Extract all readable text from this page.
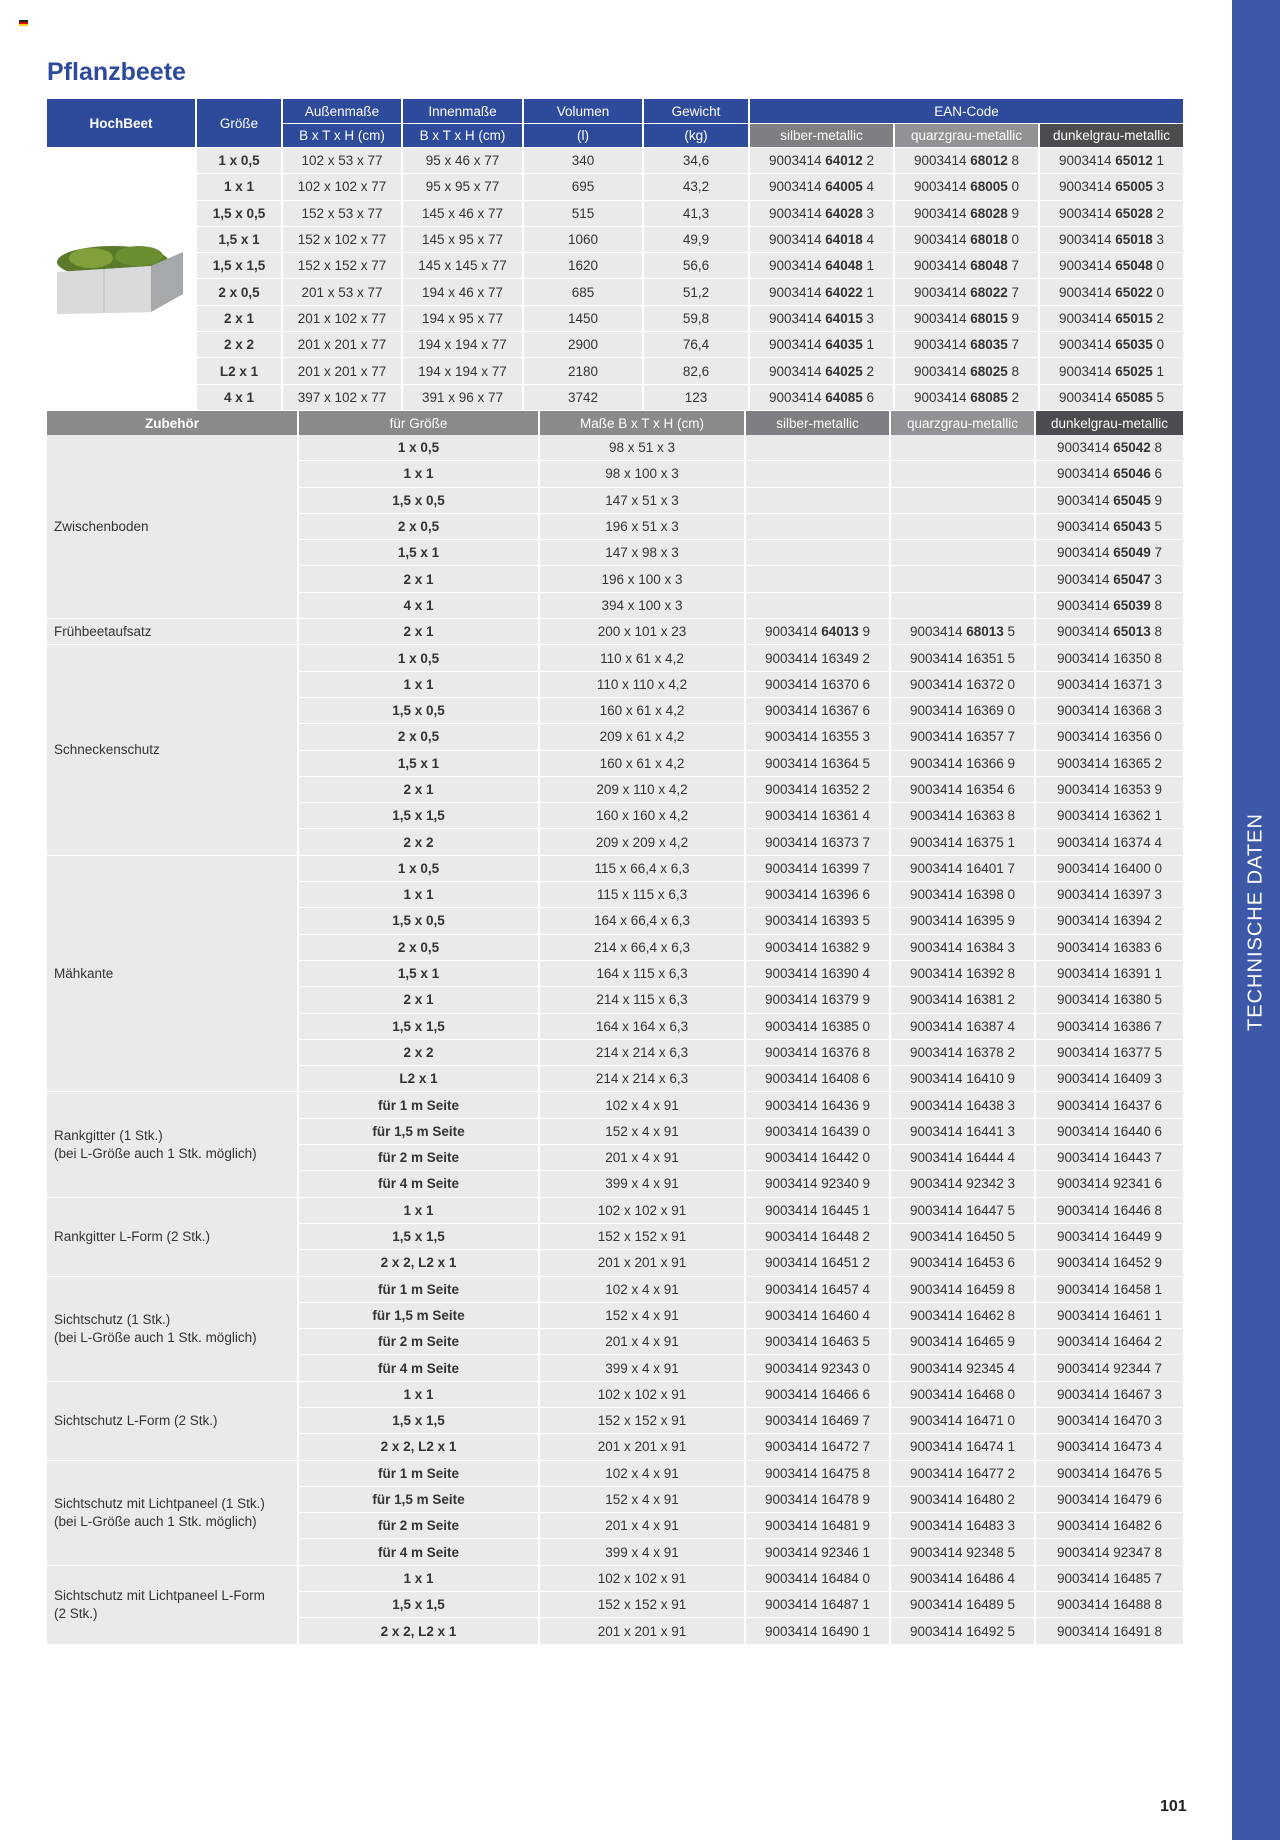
Pflanzbeete
HochBeet	Größe	Außenmaße	Innenmaße	Volumen	Gewicht	EAN-Code		
		B x T x H (cm)	B x T x H (cm)	(l)	(kg)	silber-metallic	quarzgrau-metallic	dunkelgrau-metallic
	1 x 0,5	102 x 53 x 77	95 x 46 x 77	340	34,6	9003414 64012 2	9003414 68012 8	9003414 65012 1
	1 x 1	102 x 102 x 77	95 x 95 x 77	695	43,2	9003414 64005 4	9003414 68005 0	9003414 65005 3
	1,5 x 0,5	152 x 53 x 77	145 x 46 x 77	515	41,3	9003414 64028 3	9003414 68028 9	9003414 65028 2
	1,5 x 1	152 x 102 x 77	145 x 95 x 77	1060	49,9	9003414 64018 4	9003414 68018 0	9003414 65018 3
	1,5 x 1,5	152 x 152 x 77	145 x 145 x 77	1620	56,6	9003414 64048 1	9003414 68048 7	9003414 65048 0
	2 x 0,5	201 x 53 x 77	194 x 46 x 77	685	51,2	9003414 64022 1	9003414 68022 7	9003414 65022 0
	2 x 1	201 x 102 x 77	194 x 95 x 77	1450	59,8	9003414 64015 3	9003414 68015 9	9003414 65015 2
	2 x 2	201 x 201 x 77	194 x 194 x 77	2900	76,4	9003414 64035 1	9003414 68035 7	9003414 65035 0
	L2 x 1	201 x 201 x 77	194 x 194 x 77	2180	82,6	9003414 64025 2	9003414 68025 8	9003414 65025 1
	4 x 1	397 x 102 x 77	391 x 96 x 77	3742	123	9003414 64085 6	9003414 68085 2	9003414 65085 5
Zubehör	für Größe	Maße B x T x H (cm)	silber-metallic	quarzgrau-metallic	dunkelgrau-metallic
Zwischenboden	1 x 0,5	98 x 51 x 3			9003414 65042 8
	1 x 1	98 x 100 x 3			9003414 65046 6
	1,5 x 0,5	147 x 51 x 3			9003414 65045 9
	2 x 0,5	196 x 51 x 3			9003414 65043 5
	1,5 x 1	147 x 98 x 3			9003414 65049 7
	2 x 1	196 x 100 x 3			9003414 65047 3
	4 x 1	394 x 100 x 3			9003414 65039 8
Frühbeetaufsatz	2 x 1	200 x 101 x 23	9003414 64013 9	9003414 68013 5	9003414 65013 8
Schneckenschutz	1 x 0,5	110 x 61 x 4,2	9003414 16349 2	9003414 16351 5	9003414 16350 8
	1 x 1	110 x 110 x 4,2	9003414 16370 6	9003414 16372 0	9003414 16371 3
	1,5 x 0,5	160 x 61 x 4,2	9003414 16367 6	9003414 16369 0	9003414 16368 3
	2 x 0,5	209 x 61 x 4,2	9003414 16355 3	9003414 16357 7	9003414 16356 0
	1,5 x 1	160 x 61 x 4,2	9003414 16364 5	9003414 16366 9	9003414 16365 2
	2 x 1	209 x 110 x 4,2	9003414 16352 2	9003414 16354 6	9003414 16353 9
	1,5 x 1,5	160 x 160 x 4,2	9003414 16361 4	9003414 16363 8	9003414 16362 1
	2 x 2	209 x 209 x 4,2	9003414 16373 7	9003414 16375 1	9003414 16374 4
Mähkante	1 x 0,5	115 x 66,4 x 6,3	9003414 16399 7	9003414 16401 7	9003414 16400 0
	1 x 1	115 x 115 x 6,3	9003414 16396 6	9003414 16398 0	9003414 16397 3
	1,5 x 0,5	164 x 66,4 x 6,3	9003414 16393 5	9003414 16395 9	9003414 16394 2
	2 x 0,5	214 x 66,4 x 6,3	9003414 16382 9	9003414 16384 3	9003414 16383 6
	1,5 x 1	164 x 115 x 6,3	9003414 16390 4	9003414 16392 8	9003414 16391 1
	2 x 1	214 x 115 x 6,3	9003414 16379 9	9003414 16381 2	9003414 16380 5
	1,5 x 1,5	164 x 164 x 6,3	9003414 16385 0	9003414 16387 4	9003414 16386 7
	2 x 2	214 x 214 x 6,3	9003414 16376 8	9003414 16378 2	9003414 16377 5
	L2 x 1	214 x 214 x 6,3	9003414 16408 6	9003414 16410 9	9003414 16409 3
Rankgitter (1 Stk.)
(bei L-Größe auch 1 Stk. möglich)	für 1 m Seite	102 x 4 x 91	9003414 16436 9	9003414 16438 3	9003414 16437 6
	für 1,5 m Seite	152 x 4 x 91	9003414 16439 0	9003414 16441 3	9003414 16440 6
	für 2 m Seite	201 x 4 x 91	9003414 16442 0	9003414 16444 4	9003414 16443 7
	für 4 m Seite	399 x 4 x 91	9003414 92340 9	9003414 92342 3	9003414 92341 6
Rankgitter L-Form (2 Stk.)	1 x 1	102 x 102 x 91	9003414 16445 1	9003414 16447 5	9003414 16446 8
	1,5 x 1,5	152 x 152 x 91	9003414 16448 2	9003414 16450 5	9003414 16449 9
	2 x 2, L2 x 1	201 x 201 x 91	9003414 16451 2	9003414 16453 6	9003414 16452 9
Sichtschutz (1 Stk.)
(bei L-Größe auch 1 Stk. möglich)	für 1 m Seite	102 x 4 x 91	9003414 16457 4	9003414 16459 8	9003414 16458 1
	für 1,5 m Seite	152 x 4 x 91	9003414 16460 4	9003414 16462 8	9003414 16461 1
	für 2 m Seite	201 x 4 x 91	9003414 16463 5	9003414 16465 9	9003414 16464 2
	für 4 m Seite	399 x 4 x 91	9003414 92343 0	9003414 92345 4	9003414 92344 7
Sichtschutz L-Form (2 Stk.)	1 x 1	102 x 102 x 91	9003414 16466 6	9003414 16468 0	9003414 16467 3
	1,5 x 1,5	152 x 152 x 91	9003414 16469 7	9003414 16471 0	9003414 16470 3
	2 x 2, L2 x 1	201 x 201 x 91	9003414 16472 7	9003414 16474 1	9003414 16473 4
Sichtschutz mit Lichtpaneel (1 Stk.)
(bei L-Größe auch 1 Stk. möglich)	für 1 m Seite	102 x 4 x 91	9003414 16475 8	9003414 16477 2	9003414 16476 5
	für 1,5 m Seite	152 x 4 x 91	9003414 16478 9	9003414 16480 2	9003414 16479 6
	für 2 m Seite	201 x 4 x 91	9003414 16481 9	9003414 16483 3	9003414 16482 6
	für 4 m Seite	399 x 4 x 91	9003414 92346 1	9003414 92348 5	9003414 92347 8
Sichtschutz mit Lichtpaneel L-Form
(2 Stk.)	1 x 1	102 x 102 x 91	9003414 16484 0	9003414 16486 4	9003414 16485 7
	1,5 x 1,5	152 x 152 x 91	9003414 16487 1	9003414 16489 5	9003414 16488 8
	2 x 2, L2 x 1	201 x 201 x 91	9003414 16490 1	9003414 16492 5	9003414 16491 8
TECHNISCHE DATEN
101
